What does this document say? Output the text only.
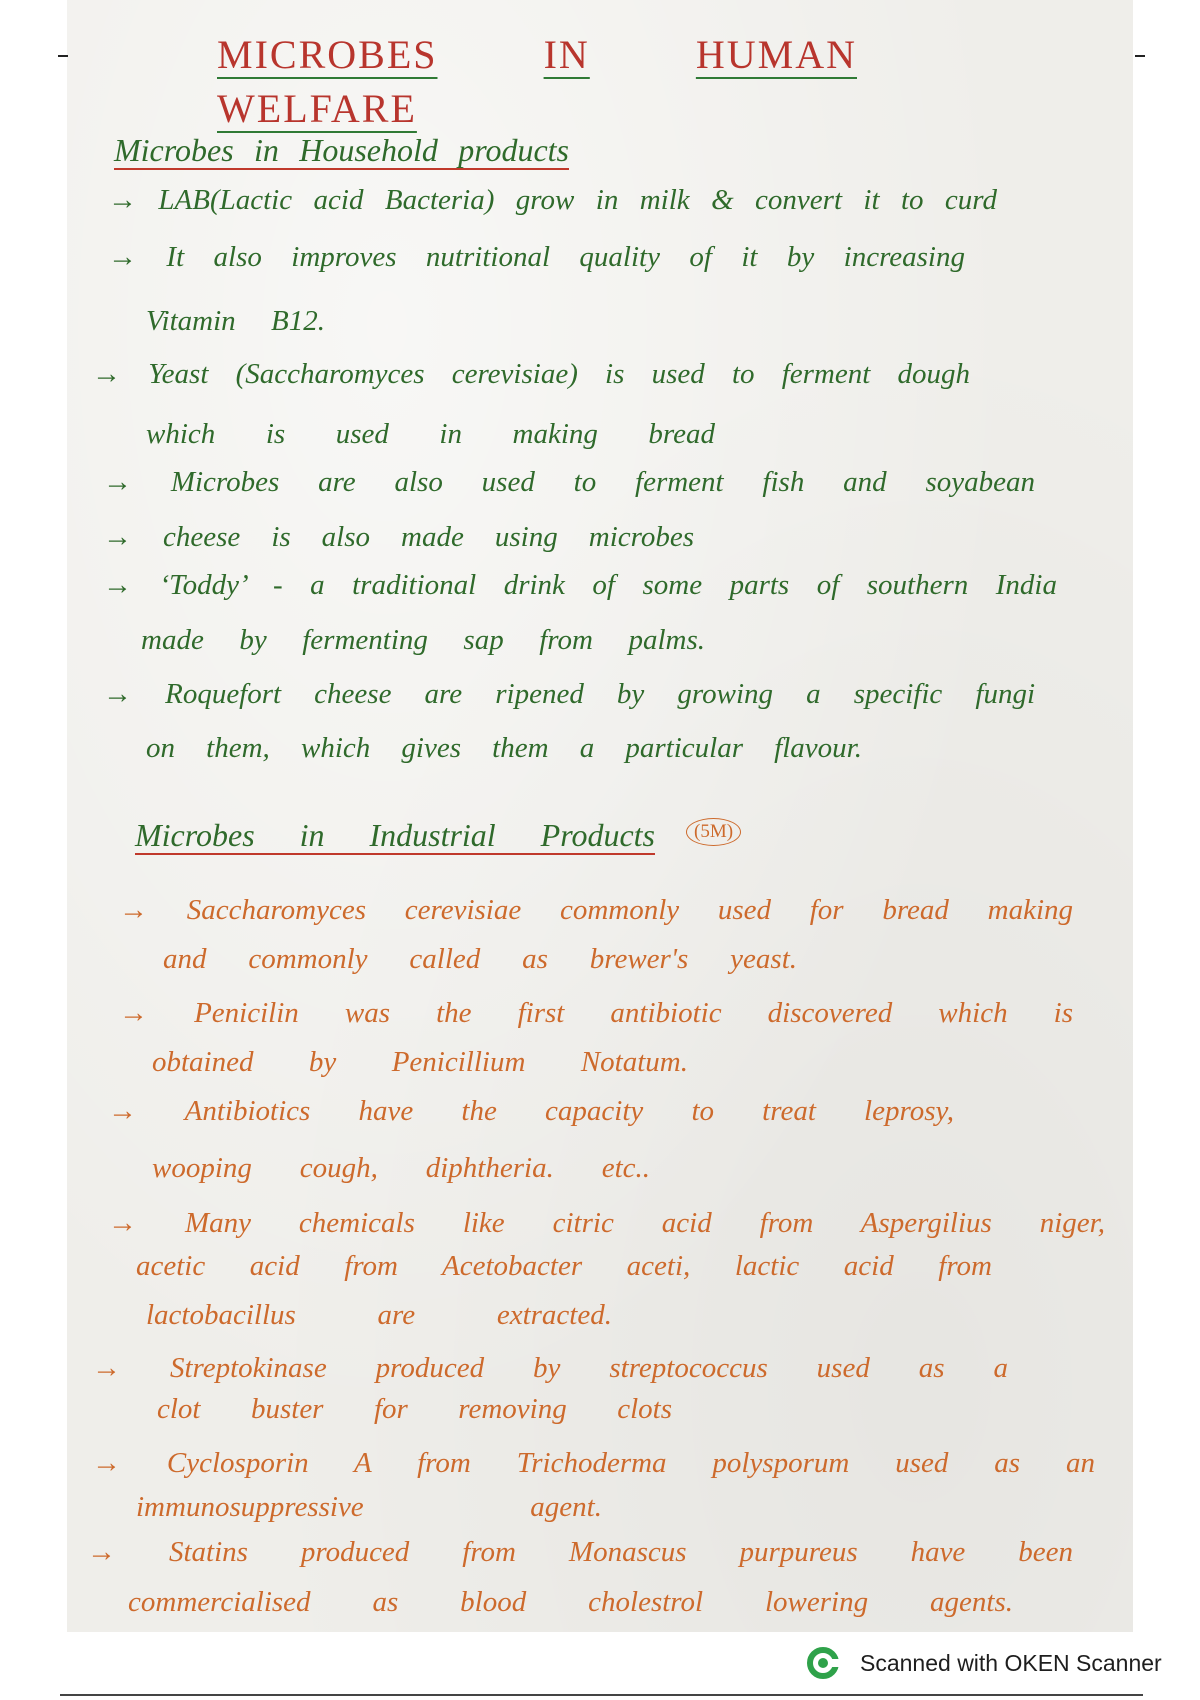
MICROBES	IN	HUMAN WELFARE
Microbes in Household products
→ LAB(Lactic acid Bacteria) grow in milk & convert it to curd
→ It also improves nutritional quality of it by increasing
Vitamin B12.
→ Yeast (Saccharomyces cerevisiae) is used to ferment dough
which is used in making bread
→ Microbes are also used to ferment fish and soyabean
→ cheese is also made using microbes
→ ‘Toddy’ - a traditional drink of some parts of southern India
made by fermenting sap from palms.
→ Roquefort cheese are ripened by growing a specific fungi
on them, which gives them a particular flavour.
Microbes in Industrial Products	(5M)
→ Saccharomyces cerevisiae commonly used for bread making
and commonly called as brewer's yeast.
→ Penicilin was the first antibiotic discovered which is
obtained by Penicillium Notatum.
→ Antibiotics have the capacity to treat leprosy,
wooping cough, diphtheria. etc..
→ Many chemicals like citric acid from Aspergilius niger,
acetic acid from Acetobacter aceti, lactic acid from
lactobacillus are extracted.
→ Streptokinase produced by streptococcus used as a
clot buster for removing clots
→ Cyclosporin A from Trichoderma polysporum used as an
immunosuppressive agent.
→ Statins produced from Monascus purpureus have been
commercialised as blood cholestrol lowering agents.
Scanned with OKEN Scanner
